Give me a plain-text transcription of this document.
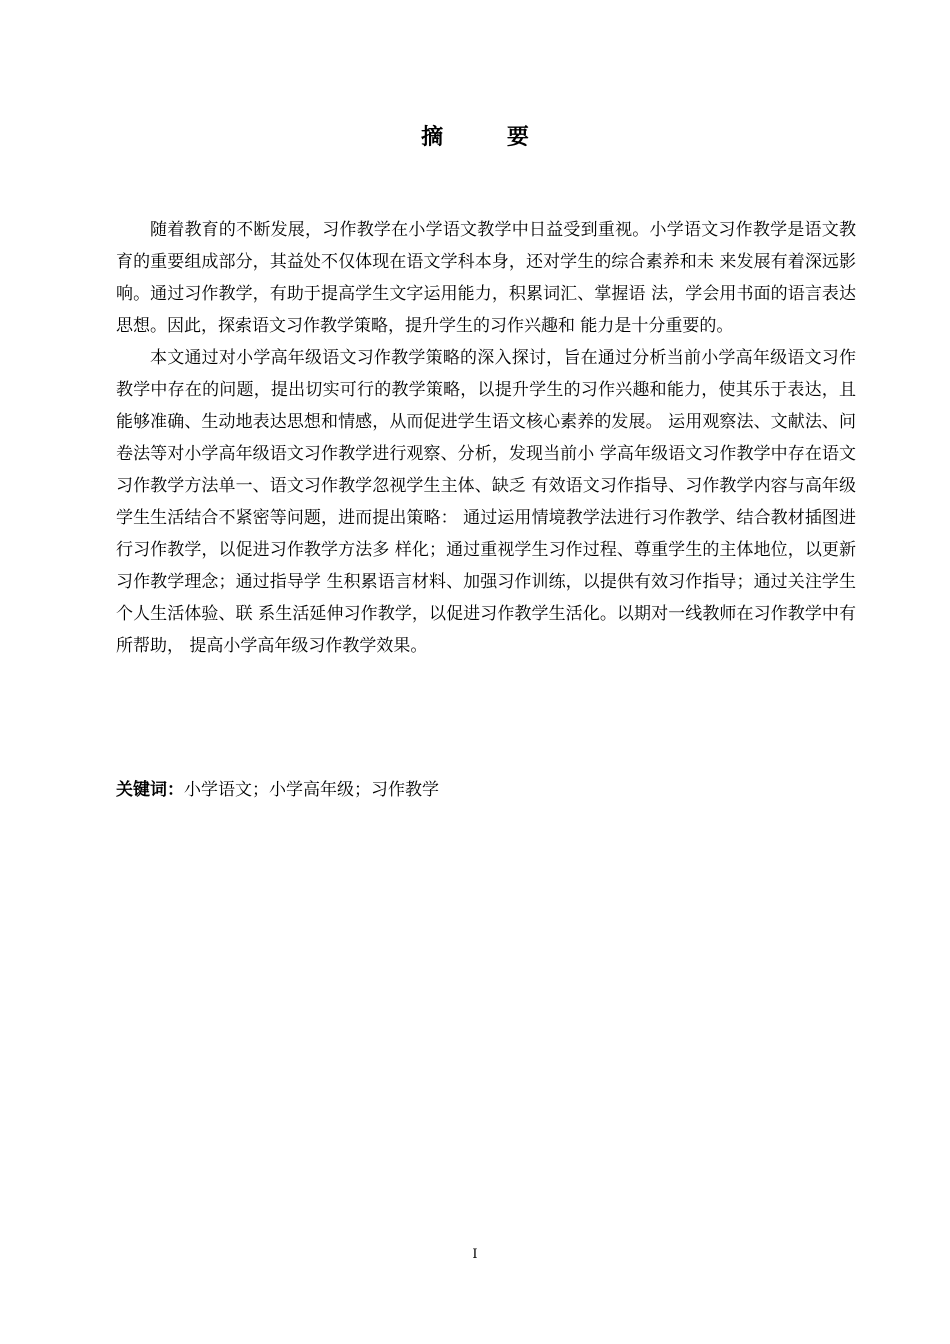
摘 要

随着教育的不断发展，习作教学在小学语文教学中日益受到重视。小学语文习作教学是语文教育的重要组成部分，其益处不仅体现在语文学科本身，还对学生的综合素养和未 来发展有着深远影响。通过习作教学，有助于提高学生文字运用能力，积累词汇、掌握语 法，学会用书面的语言表达思想。因此，探索语文习作教学策略，提升学生的习作兴趣和 能力是十分重要的。

本文通过对小学高年级语文习作教学策略的深入探讨，旨在通过分析当前小学高年级语文习作教学中存在的问题，提出切实可行的教学策略，以提升学生的习作兴趣和能力，使其乐于表达，且能够准确、生动地表达思想和情感，从而促进学生语文核心素养的发展。 运用观察法、文献法、问卷法等对小学高年级语文习作教学进行观察、分析，发现当前小 学高年级语文习作教学中存在语文习作教学方法单一、语文习作教学忽视学生主体、缺乏 有效语文习作指导、习作教学内容与高年级学生生活结合不紧密等问题，进而提出策略： 通过运用情境教学法进行习作教学、结合教材插图进行习作教学，以促进习作教学方法多 样化；通过重视学生习作过程、尊重学生的主体地位，以更新习作教学理念；通过指导学 生积累语言材料、加强习作训练，以提供有效习作指导；通过关注学生个人生活体验、联 系生活延伸习作教学，以促进习作教学生活化。以期对一线教师在习作教学中有所帮助， 提高小学高年级习作教学效果。

关键词：小学语文；小学高年级；习作教学
I
